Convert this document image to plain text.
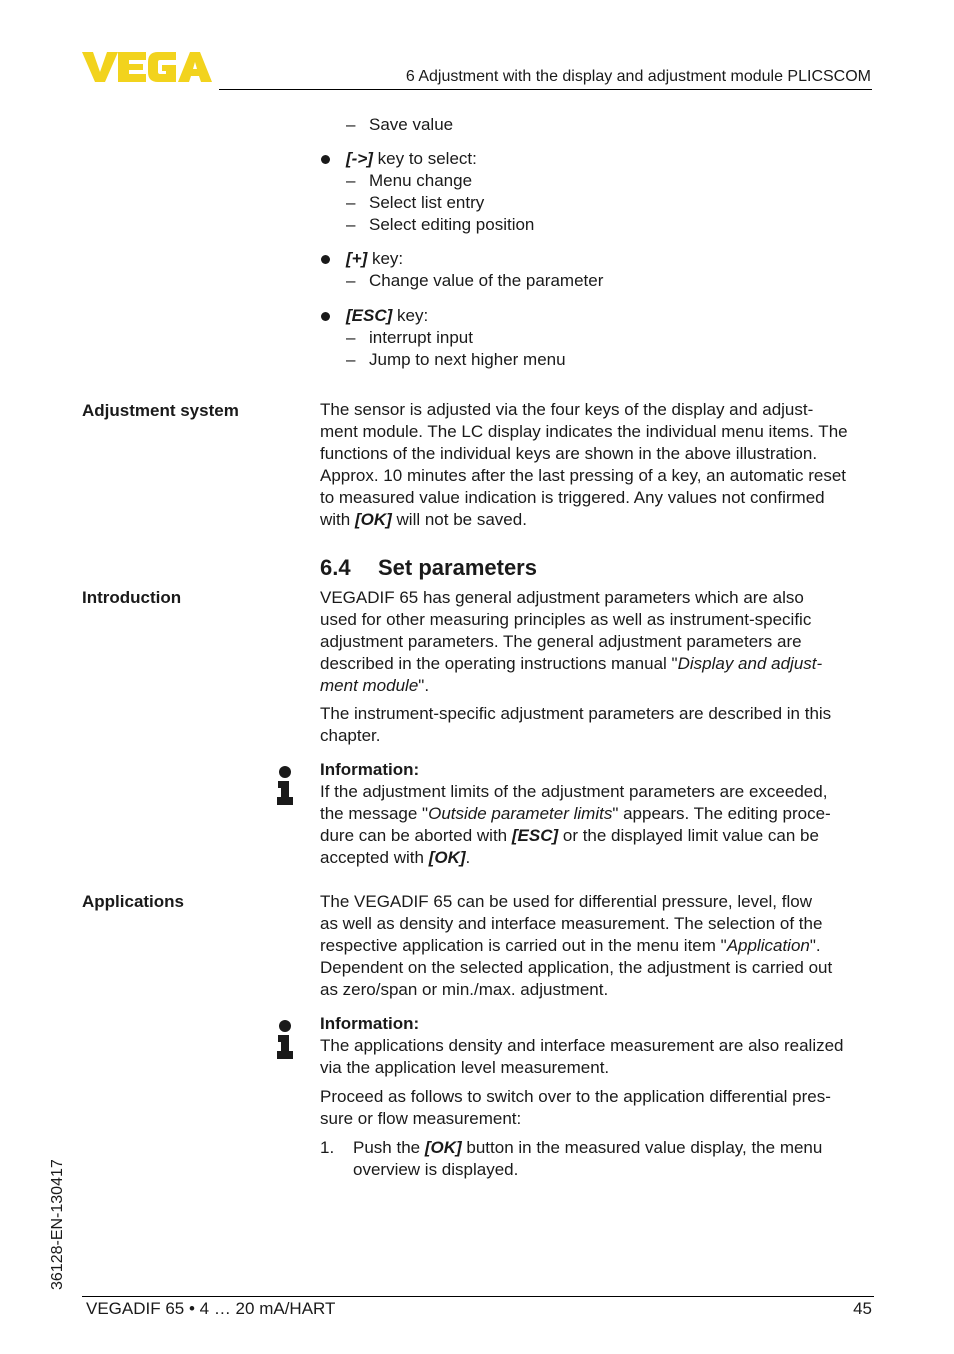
6 Adjustment with the display and adjustment module PLICSCOM

– Save value

[->] key to select:

– Menu change

– Select list entry

– Select editing position

[+] key:

– Change value of the parameter

[ESC] key:

– interrupt input

– Jump to next higher menu

Adjustment system	The sensor is adjusted via the four keys of the display and adjust-

ment module. The LC display indicates the individual menu items. The

functions of the individual keys are shown in the above illustration.

Approx. 10 minutes after the last pressing of a key, an automatic reset

to measured value indication is triggered. Any values not confirmed

with [OK] will not be saved.

6.4 Set parameters
Introduction	VEGADIF 65 has general adjustment parameters which are also

used for other measuring principles as well as instrument-specific

adjustment parameters. The general adjustment parameters are

described in the operating instructions manual "Display and adjust-

ment module".

The instrument-specific adjustment parameters are described in this

chapter.

Information:

If the adjustment limits of the adjustment parameters are exceeded,

the message "Outside parameter limits" appears. The editing proce-

dure can be aborted with [ESC] or the displayed limit value can be

accepted with [OK].

Applications	The VEGADIF 65 can be used for differential pressure, level, flow

as well as density and interface measurement. The selection of the

respective application is carried out in the menu item "Application".

Dependent on the selected application, the adjustment is carried out

as zero/span or min./max. adjustment.

Information:

The applications density and interface measurement are also realized

via the application level measurement.

Proceed as follows to switch over to the application differential pres-

sure or flow measurement:

1. Push the [OK] button in the measured value display, the menu

overview is displayed.

36128-EN-130417
VEGADIF 65 • 4 … 20 mA/HART	45
